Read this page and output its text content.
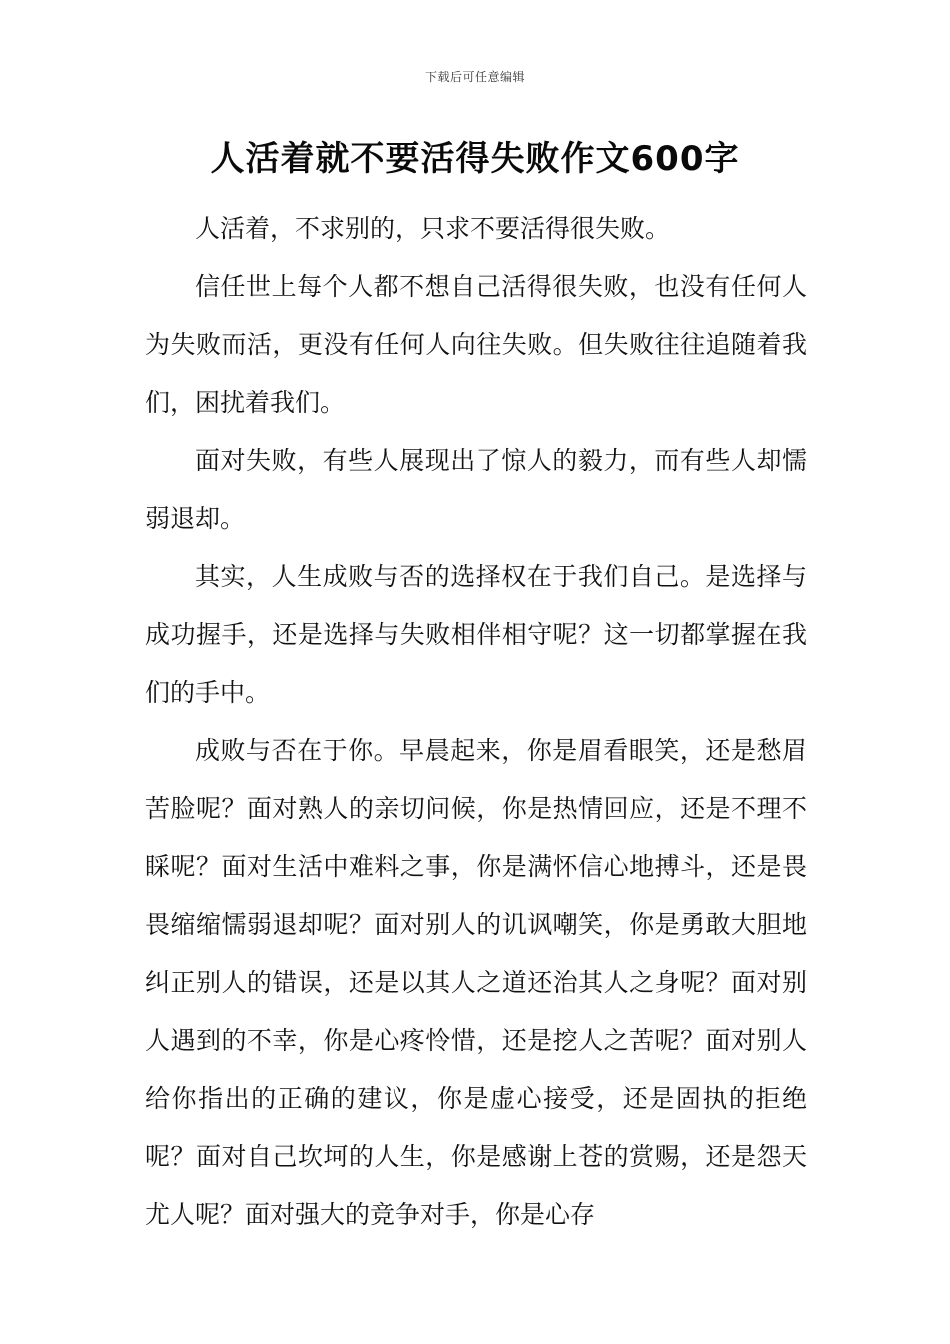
下载后可任意编辑
人活着就不要活得失败作文600字

人活着，不求别的，只求不要活得很失败。

信任世上每个人都不想自己活得很失败，也没有任何人为失败而活，更没有任何人向往失败。但失败往往追随着我们，困扰着我们。

面对失败，有些人展现出了惊人的毅力，而有些人却懦弱退却。

其实，人生成败与否的选择权在于我们自己。是选择与成功握手，还是选择与失败相伴相守呢？这一切都掌握在我们的手中。

成败与否在于你。早晨起来，你是眉看眼笑，还是愁眉苦脸呢？面对熟人的亲切问候，你是热情回应，还是不理不睬呢？面对生活中难料之事，你是满怀信心地搏斗，还是畏畏缩缩懦弱退却呢？面对别人的讥讽嘲笑，你是勇敢大胆地纠正别人的错误，还是以其人之道还治其人之身呢？面对别人遇到的不幸，你是心疼怜惜，还是挖人之苦呢？面对别人给你指出的正确的建议，你是虚心接受，还是固执的拒绝呢？面对自己坎坷的人生，你是感谢上苍的赏赐，还是怨天尤人呢？面对强大的竞争对手，你是心存
